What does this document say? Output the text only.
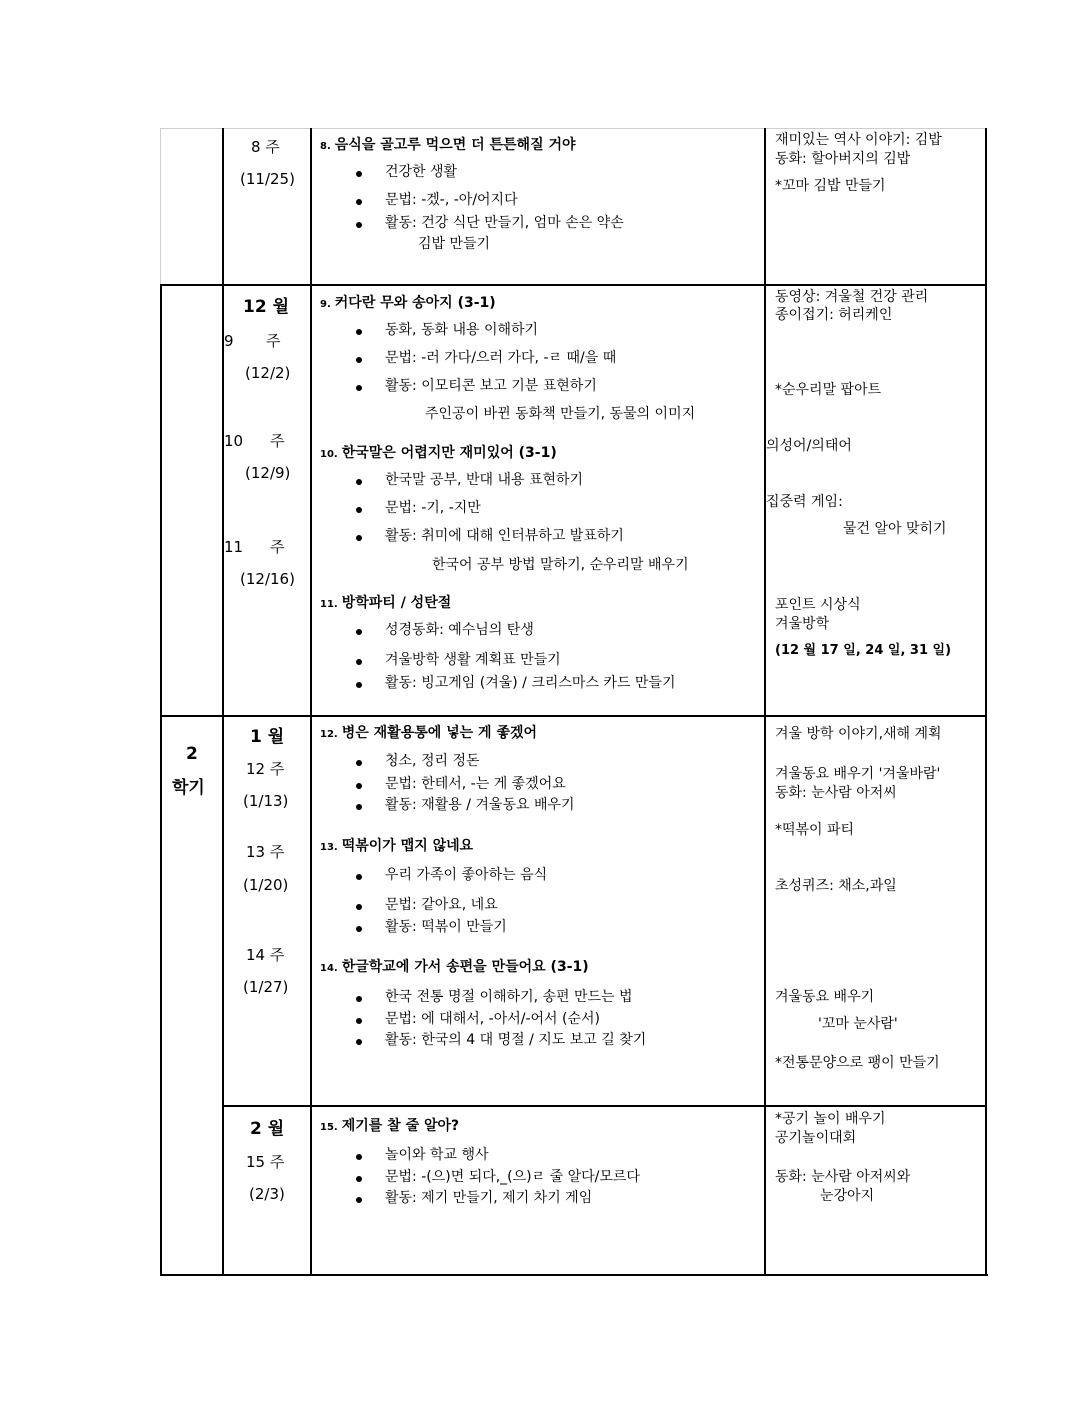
8 주
(11/25)
8. 음식을 골고루 먹으면 더 튼튼해질 거야
건강한 생활
문법: -겠-, -아/어지다
활동: 건강 식단 만들기, 엄마 손은 약손
김밥 만들기
재미있는 역사 이야기: 김밥
동화: 할아버지의 김밥
*꼬마 김밥 만들기
12 월
9 주
(12/2)
10 주
(12/9)
11 주
(12/16)
9. 커다란 무와 송아지 (3-1)
동화, 동화 내용 이해하기
문법: -러 가다/으러 가다, -ㄹ 때/을 때
활동: 이모티콘 보고 기분 표현하기
주인공이 바뀐 동화책 만들기, 동물의 이미지
10. 한국말은 어렵지만 재미있어 (3-1)
한국말 공부, 반대 내용 표현하기
문법: -기, -지만
활동: 취미에 대해 인터뷰하고 발표하기
한국어 공부 방법 말하기, 순우리말 배우기
11. 방학파티 / 성탄절
성경동화: 예수님의 탄생
겨울방학 생활 계획표 만들기
활동: 빙고게임 (겨울) / 크리스마스 카드 만들기
동영상: 겨울철 건강 관리
종이접기: 허리케인
*순우리말 팝아트
의성어/의태어
집중력 게임:
물건 알아 맞히기
포인트 시상식
겨울방학
(12 월 17 일, 24 일, 31 일)
2
학기
1 월
12 주
(1/13)
13 주
(1/20)
14 주
(1/27)
12. 병은 재활용통에 넣는 게 좋겠어
청소, 정리 정돈
문법: 한테서, -는 게 좋겠어요
활동: 재활용 / 겨울동요 배우기
13. 떡볶이가 맵지 않네요
우리 가족이 좋아하는 음식
문법: 같아요, 네요
활동: 떡볶이 만들기
14. 한글학교에 가서 송편을 만들어요 (3-1)
한국 전통 명절 이해하기, 송편 만드는 법
문법: 에 대해서, -아서/-어서 (순서)
활동: 한국의 4 대 명절 / 지도 보고 길 찾기
겨울 방학 이야기,새해 계획
겨울동요 배우기 '겨울바람'
동화: 눈사람 아저씨
*떡볶이 파티
초성퀴즈: 채소,과일
겨울동요 배우기
'꼬마 눈사람'
*전통문양으로 팽이 만들기
2 월
15 주
(2/3)
15. 제기를 찰 줄 알아?
놀이와 학교 행사
문법: -(으)면 되다,_(으)ㄹ 줄 알다/모르다
활동: 제기 만들기, 제기 차기 게임
*공기 놀이 배우기
공기놀이대회
동화: 눈사람 아저씨와
눈강아지
